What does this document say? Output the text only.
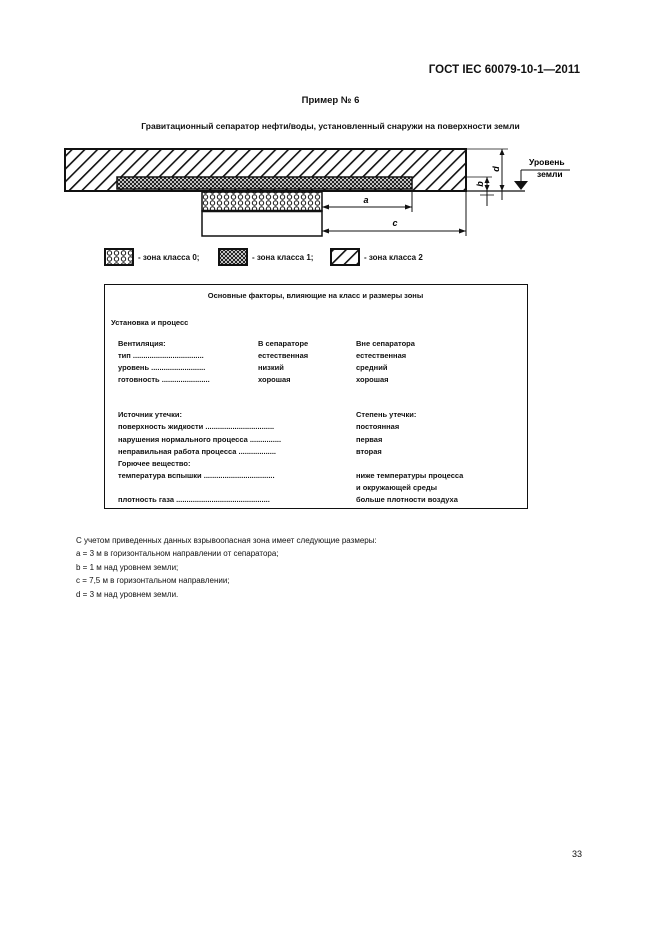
ГОСТ IEC 60079-10-1—2011
Пример № 6
Гравитационный сепаратор нефти/воды, установленный снаружи на поверхности земли
a
c
b
d
Уровень
земли
- зона класса 0;	- зона класса 1;	- зона класса 2
Основные факторы, влияющие на класс и размеры зоны
Установка и процесс
Вентиляция:	В сепараторе	Вне сепаратора
тип ..................................	естественная	естественная
уровень ..........................	низкий	средний
готовность .......................	хорошая	хорошая
Источник утечки:	Степень утечки:
поверхность жидкости .................................	постоянная
нарушения нормального процесса ...............	первая
неправильная работа процесса ..................	вторая
Горючее вещество:
температура вспышки ..................................	ниже температуры процесса
и окружающей среды
плотность газа .............................................	больше плотности воздуха
С учетом приведенных данных взрывоопасная зона имеет следующие размеры:
a = 3 м в горизонтальном направлении от сепаратора;
b = 1 м над уровнем земли;
c = 7,5 м в горизонтальном направлении;
d = 3 м над уровнем земли.
33
